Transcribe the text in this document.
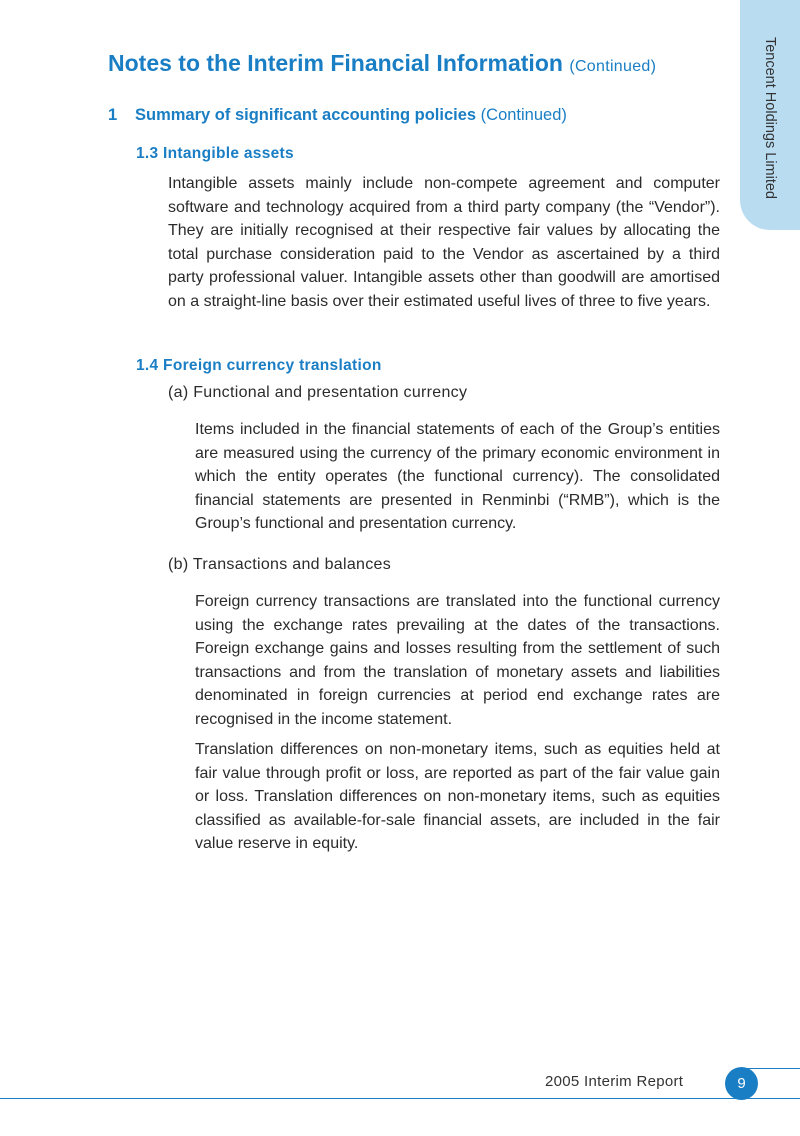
Tencent Holdings Limited
Notes to the Interim Financial Information (Continued)
1 Summary of significant accounting policies (Continued)
1.3 Intangible assets

Intangible assets mainly include non-compete agreement and computer software and technology acquired from a third party company (the “Vendor”). They are initially recognised at their respective fair values by allocating the total purchase consideration paid to the Vendor as ascertained by a third party professional valuer. Intangible assets other than goodwill are amortised on a straight-line basis over their estimated useful lives of three to five years.

1.4 Foreign currency translation
(a) Functional and presentation currency

Items included in the financial statements of each of the Group’s entities are measured using the currency of the primary economic environment in which the entity operates (the functional currency). The consolidated financial statements are presented in Renminbi (“RMB”), which is the Group’s functional and presentation currency.

(b) Transactions and balances

Foreign currency transactions are translated into the functional currency using the exchange rates prevailing at the dates of the transactions. Foreign exchange gains and losses resulting from the settlement of such transactions and from the translation of monetary assets and liabilities denominated in foreign currencies at period end exchange rates are recognised in the income statement.

Translation differences on non-monetary items, such as equities held at fair value through profit or loss, are reported as part of the fair value gain or loss. Translation differences on non-monetary items, such as equities classified as available-for-sale financial assets, are included in the fair value reserve in equity.

2005 Interim Report	9
